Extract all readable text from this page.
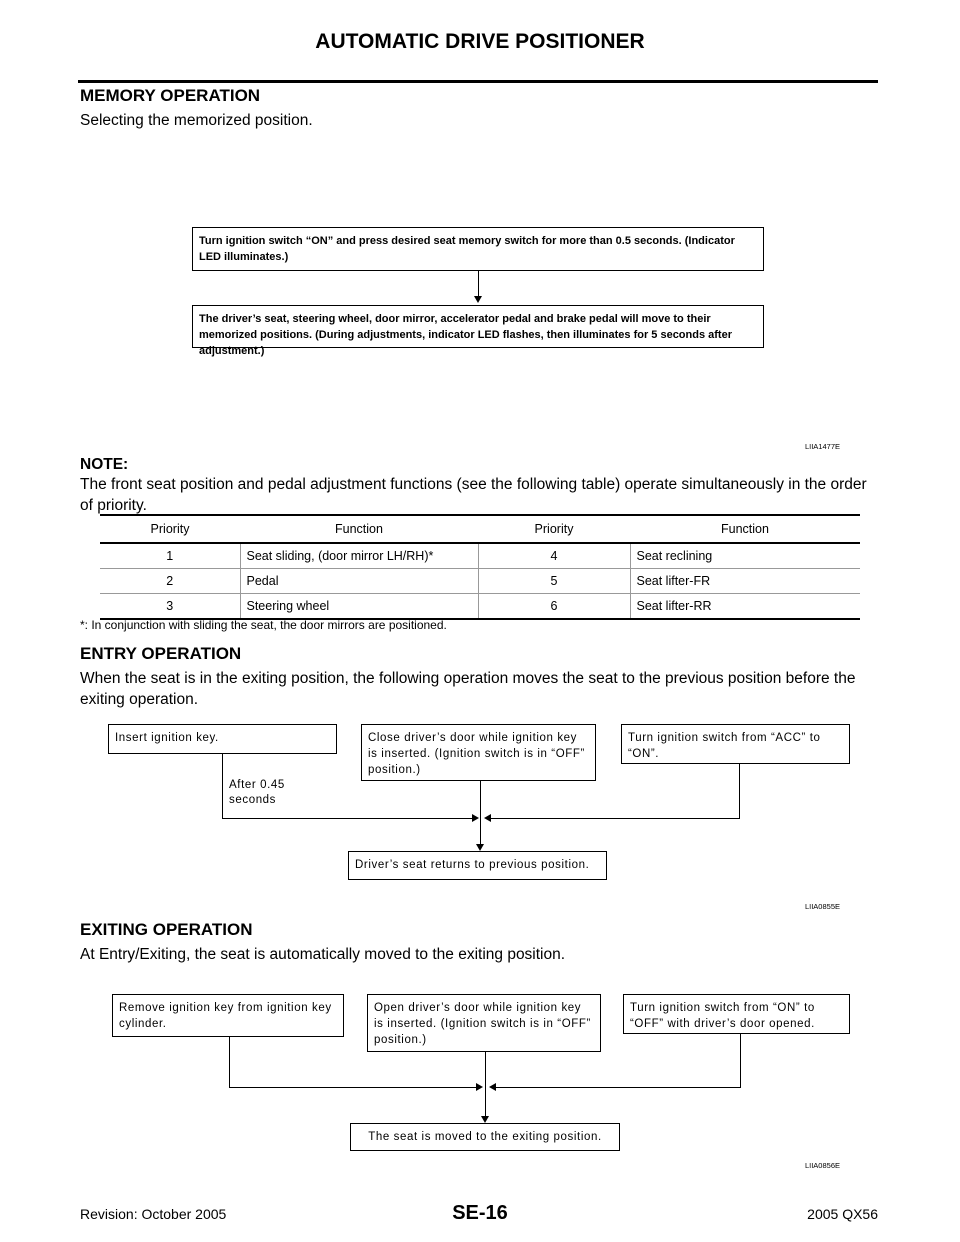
AUTOMATIC DRIVE POSITIONER
MEMORY OPERATION
Selecting the memorized position.
Turn ignition switch “ON” and press desired seat memory switch for more than 0.5 seconds. (Indicator LED illuminates.)
The driver’s seat, steering wheel, door mirror, accelerator pedal and brake pedal will move to their memorized positions. (During adjustments, indicator LED flashes, then illuminates for 5 seconds after adjustment.)
LIIA1477E
NOTE:
The front seat position and pedal adjustment functions (see the following table) operate simultaneously in the order of priority.
Priority	Function	Priority	Function
1	Seat sliding, (door mirror LH/RH)*	4	Seat reclining
2	Pedal	5	Seat lifter-FR
3	Steering wheel	6	Seat lifter-RR
*: In conjunction with sliding the seat, the door mirrors are positioned.
ENTRY OPERATION
When the seat is in the exiting position, the following operation moves the seat to the previous position before the exiting operation.
Insert ignition key.	Close driver’s door while ignition key is inserted. (Ignition switch is in “OFF” position.)
Turn ignition switch from “ACC” to “ON”.
After 0.45 seconds
Driver’s seat returns to previous position.
LIIA0855E
EXITING OPERATION
At Entry/Exiting, the seat is automatically moved to the exiting position.
Remove ignition key from ignition key cylinder.
Open driver’s door while ignition key is inserted. (Ignition switch is in “OFF” position.)
Turn ignition switch from “ON” to “OFF” with driver’s door opened.
The seat is moved to the exiting position.
LIIA0856E
Revision: October 2005	SE-16	2005 QX56
